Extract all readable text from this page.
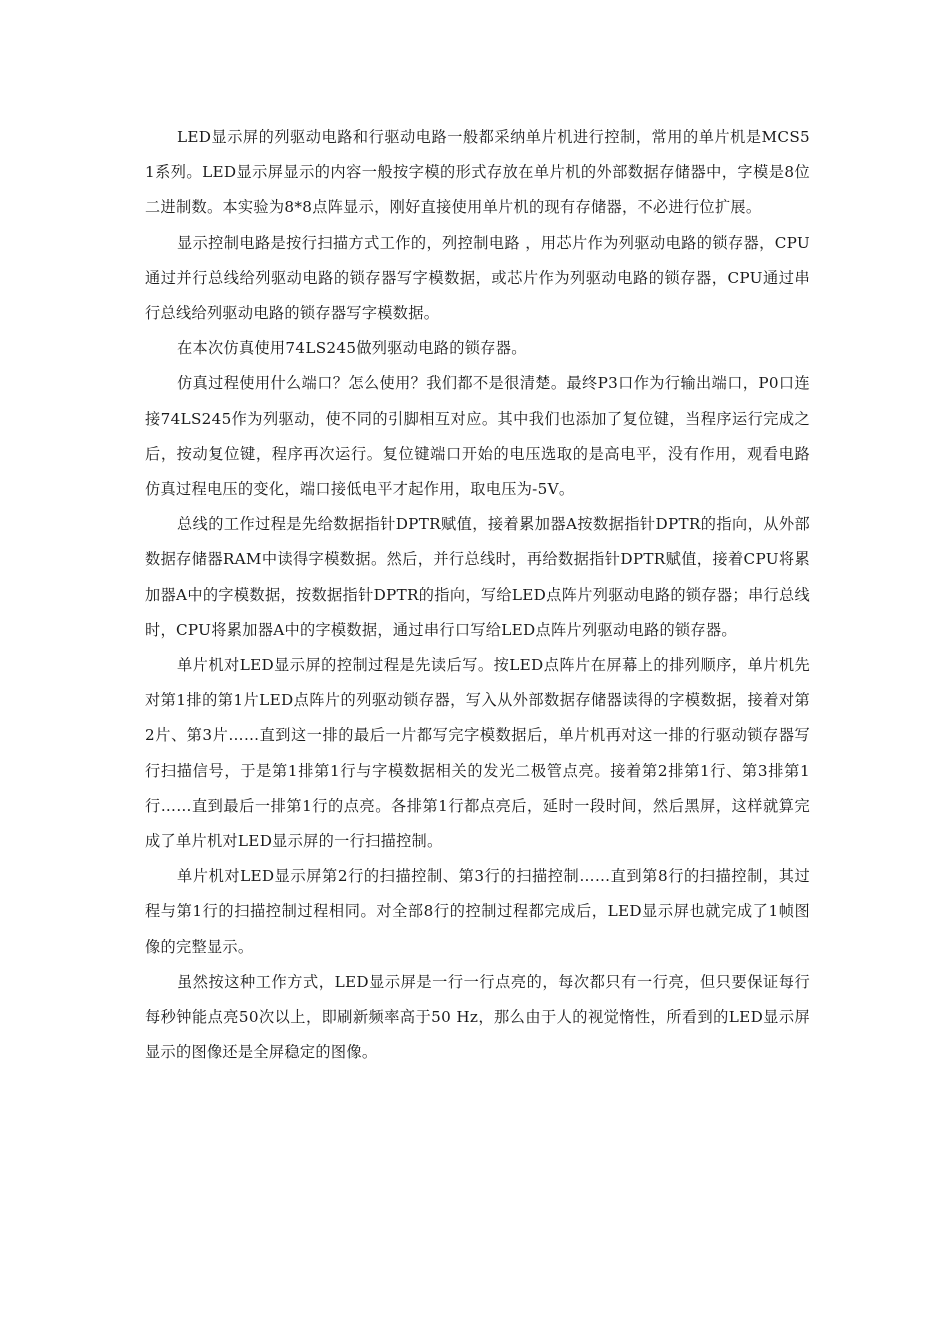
LED显示屏的列驱动电路和行驱动电路一般都采纳单片机进行控制，常用的单片机是MCS51系列。LED显示屏显示的内容一般按字模的形式存放在单片机的外部数据存储器中，字模是8位二进制数。本实验为8*8点阵显示，刚好直接使用单片机的现有存储器，不必进行位扩展。

显示控制电路是按行扫描方式工作的，列控制电路 ，用芯片作为列驱动电路的锁存器，CPU通过并行总线给列驱动电路的锁存器写字模数据，或芯片作为列驱动电路的锁存器，CPU通过串行总线给列驱动电路的锁存器写字模数据。

在本次仿真使用74LS245做列驱动电路的锁存器。

仿真过程使用什么端口？怎么使用？我们都不是很清楚。最终P3口作为行输出端口，P0口连接74LS245作为列驱动，使不同的引脚相互对应。其中我们也添加了复位键，当程序运行完成之后，按动复位键，程序再次运行。复位键端口开始的电压选取的是高电平，没有作用，观看电路仿真过程电压的变化，端口接低电平才起作用，取电压为-5V。

总线的工作过程是先给数据指针DPTR赋值，接着累加器A按数据指针DPTR的指向，从外部数据存储器RAM中读得字模数据。然后，并行总线时，再给数据指针DPTR赋值，接着CPU将累加器A中的字模数据，按数据指针DPTR的指向，写给LED点阵片列驱动电路的锁存器；串行总线时，CPU将累加器A中的字模数据，通过串行口写给LED点阵片列驱动电路的锁存器。

单片机对LED显示屏的控制过程是先读后写。按LED点阵片在屏幕上的排列顺序，单片机先对第1排的第1片LED点阵片的列驱动锁存器，写入从外部数据存储器读得的字模数据，接着对第2片、第3片……直到这一排的最后一片都写完字模数据后，单片机再对这一排的行驱动锁存器写行扫描信号，于是第1排第1行与字模数据相关的发光二极管点亮。接着第2排第1行、第3排第1行……直到最后一排第1行的点亮。各排第1行都点亮后，延时一段时间，然后黑屏，这样就算完成了单片机对LED显示屏的一行扫描控制。

单片机对LED显示屏第2行的扫描控制、第3行的扫描控制……直到第8行的扫描控制，其过程与第1行的扫描控制过程相同。对全部8行的控制过程都完成后，LED显示屏也就完成了1帧图像的完整显示。

虽然按这种工作方式，LED显示屏是一行一行点亮的，每次都只有一行亮，但只要保证每行每秒钟能点亮50次以上，即刷新频率高于50 Hz，那么由于人的视觉惰性，所看到的LED显示屏显示的图像还是全屏稳定的图像。
